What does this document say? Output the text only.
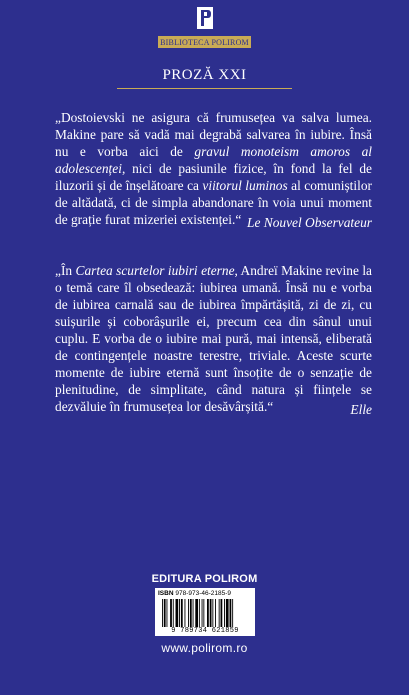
BIBLIOTECA POLIROM
PROZĂ XXI

„Dostoievski ne asigura că frumusețea va salva lumea. Makine pare să vadă mai degrabă salvarea în iubire. Însă nu e vorba aici de gravul monoteism amoros al adolescenței, nici de pasiunile fizice, în fond la fel de iluzorii și de înșelătoare ca viitorul luminos al comuniștilor de altădată, ci de simpla abandonare în voia unui moment de grație furat mizeriei existenței.“ Le Nouvel Observateur

„În Cartea scurtelor iubiri eterne, Andreï Makine revine la o temă care îl obsedează: iubirea umană. Însă nu e vorba de iubirea carnală sau de iubirea împărtășită, zi de zi, cu suișurile și coborâșurile ei, precum cea din sânul unui cuplu. E vorba de o iubire mai pură, mai intensă, eliberată de contingențele noastre terestre, triviale. Aceste scurte momente de iubire eternă sunt însoțite de o senzație de plenitudine, de simplitate, când natura și ființele se dezvăluie în frumusețea lor desăvârșită.“	Elle
EDITURA POLIROM
ISBN 978-973-46-2185-9
9 789734 621859
www.polirom.ro
